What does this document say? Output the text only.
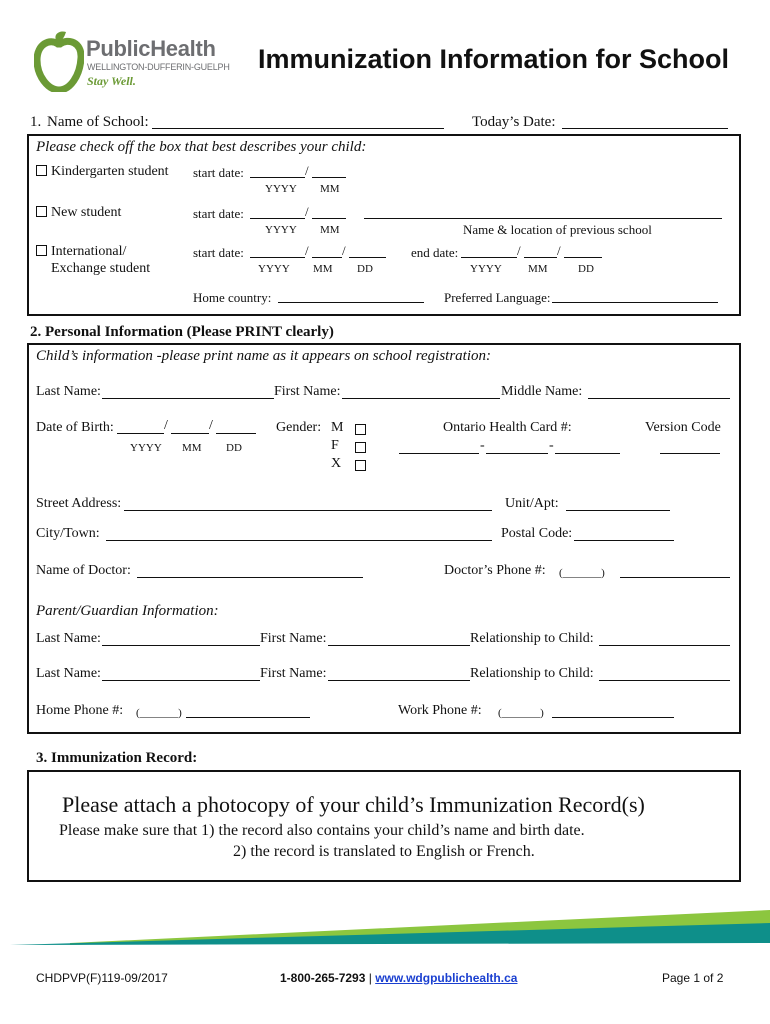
PublicHealth
WELLINGTON-DUFFERIN-GUELPH
Stay Well.
Immunization Information for School
1. Name of School:	Today’s Date:
Please check off the box that best describes your child:
Kindergarten student start date:	/
YYYY MM
New student	start date:	/
YYYY MM	Name & location of previous school
International/
Exchange student
start date:	/	/
YYYY MM DD
end date:	/	/
YYYY MM	DD
Home country:	Preferred Language:
2. Personal Information (Please PRINT clearly)
Child’s information -please print name as it appears on school registration:
Last Name:	First Name:	Middle Name:
Date of Birth:	/	/
YYYY MM DD
Gender: M
F
X
Ontario Health Card #:
-	-
Version Code
Street Address:	Unit/Apt:
City/Town:	Postal Code:
Name of Doctor:	Doctor’s Phone #: (_______)
Parent/Guardian Information:
Last Name:	First Name:	Relationship to Child:
Last Name:	First Name:	Relationship to Child:
Home Phone #: (_______)	Work Phone #: (_______)
3. Immunization Record:
Please attach a photocopy of your child’s Immunization Record(s)
Please make sure that 1) the record also contains your child’s name and birth date.
2) the record is translated to English or French.
CHDPVP(F)119-09/2017	1-800-265-7293 | www.wdgpublichealth.ca	Page 1 of 2
